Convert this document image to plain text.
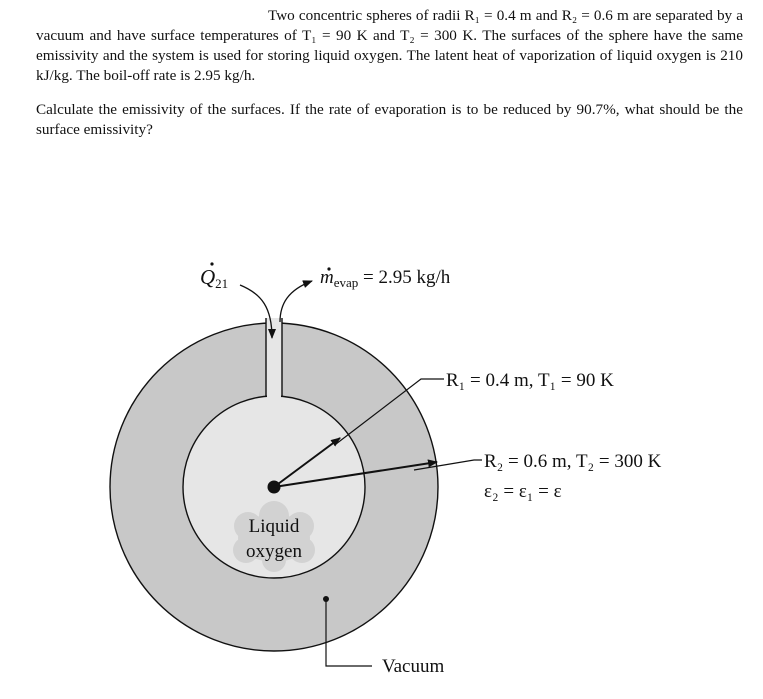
Two concentric spheres of radii R₁ = 0.4 m and R₂ = 0.6 m are separated by a vacuum and have surface temperatures of T₁ = 90 K and T₂ = 300 K. The surfaces of the sphere have the same emissivity and the system is used for storing liquid oxygen. The latent heat of vaporization of liquid oxygen is 210 kJ/kg. The boil-off rate is 2.95 kg/h.

Calculate the emissivity of the surfaces. If the rate of evaporation is to be reduced by 90.7%, what should be the surface emissivity?

Liquid
oxygen
Q21	$m_{evap} = 2.95$ kg/h
R₁ = 0.4 m, T₁ = 90 K
R₂ = 0.6 m, T₂ = 300 K
ε₂ = ε₁ = ε
Vacuum
